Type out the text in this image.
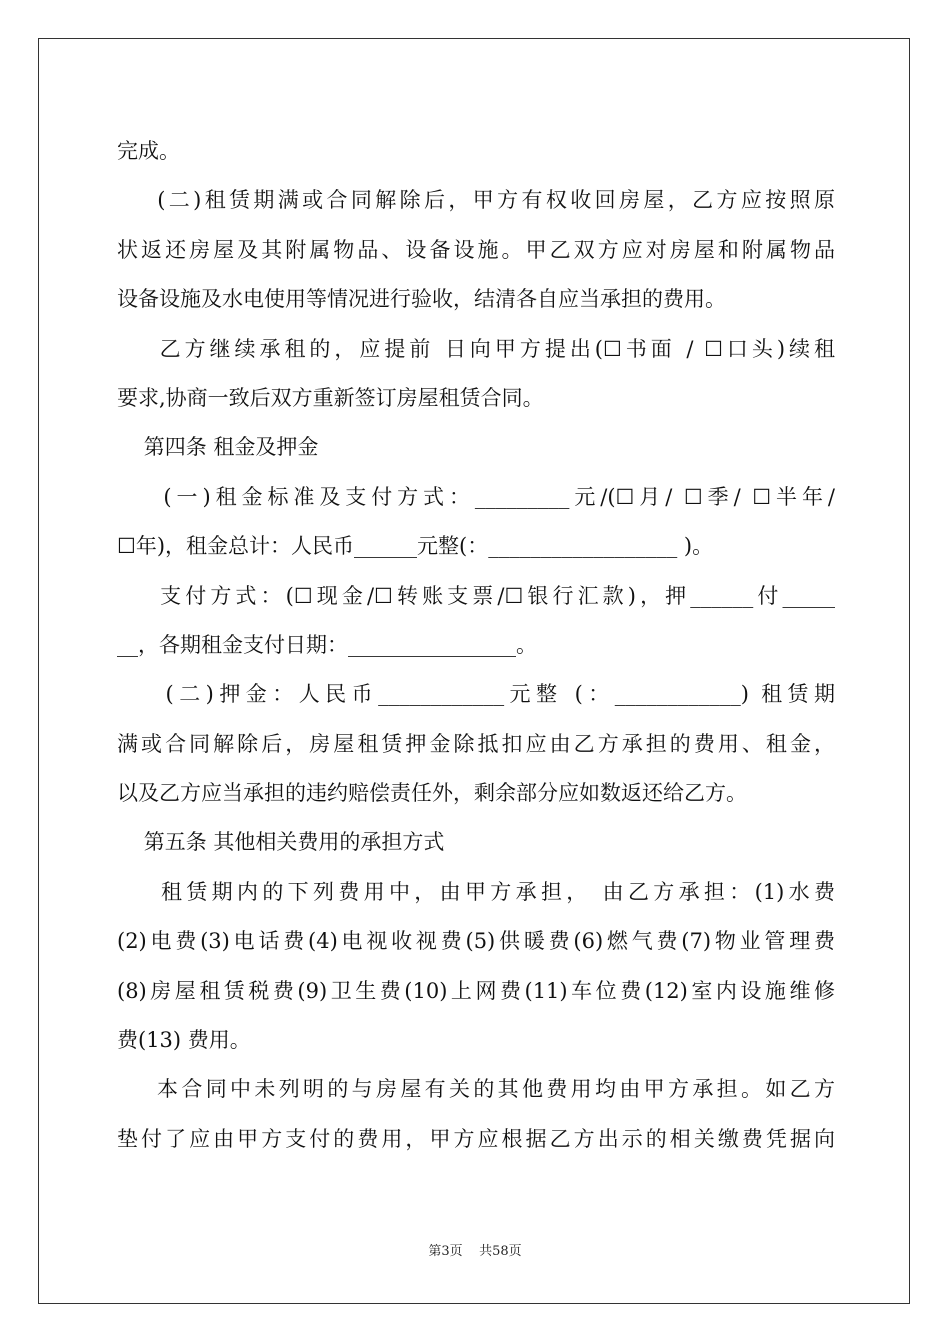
完成。
(二)租赁期满或合同解除后，甲方有权收回房屋，乙方应按照原
状返还房屋及其附属物品、设备设施。甲乙双方应对房屋和附属物品
设备设施及水电使用等情况进行验收，结清各自应当承担的费用。
乙方继续承租的，应提前 日向甲方提出(☐书面 / ☐口头)续租
要求,协商一致后双方重新签订房屋租赁合同。
第四条 租金及押金
(一)租金标准及支付方式：_________元/(☐月/ ☐季/ ☐半年/
☐年)，租金总计：人民币______元整(：__________________ )。
支付方式：(☐现金/☐转账支票/☐银行汇款)，押______付_____
__，各期租金支付日期：________________。
(二)押金：人民币____________元整 (：____________) 租赁期
满或合同解除后，房屋租赁押金除抵扣应由乙方承担的费用、租金，
以及乙方应当承担的违约赔偿责任外，剩余部分应如数返还给乙方。
第五条 其他相关费用的承担方式
租赁期内的下列费用中，由甲方承担， 由乙方承担：(1)水费
(2)电费(3)电话费(4)电视收视费(5)供暖费(6)燃气费(7)物业管理费
(8)房屋租赁税费(9)卫生费(10)上网费(11)车位费(12)室内设施维修
费(13) 费用。
本合同中未列明的与房屋有关的其他费用均由甲方承担。如乙方
垫付了应由甲方支付的费用，甲方应根据乙方出示的相关缴费凭据向
第3页    共58页
